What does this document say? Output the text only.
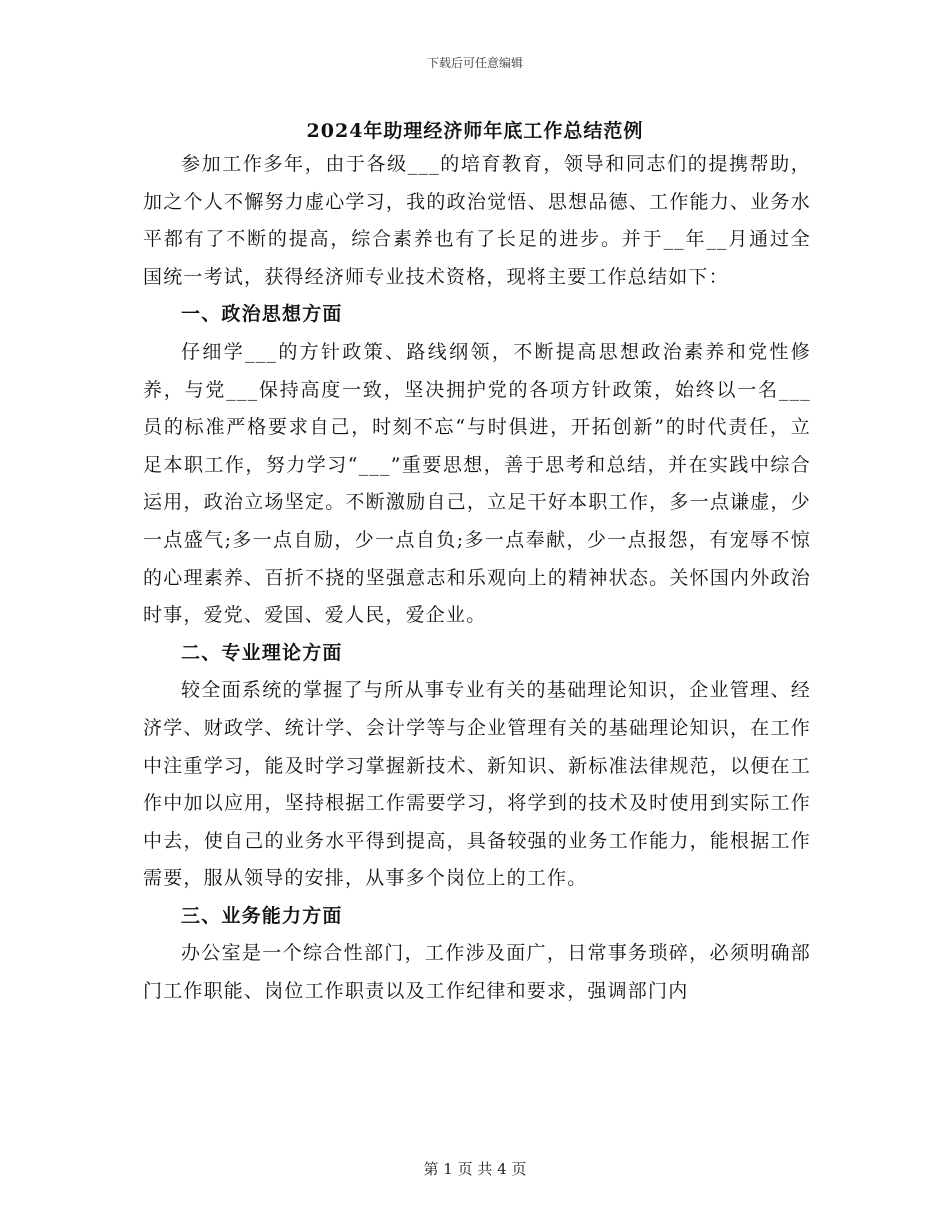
下载后可任意编辑
2024年助理经济师年底工作总结范例

参加工作多年，由于各级___的培育教育，领导和同志们的提携帮助，加之个人不懈努力虚心学习，我的政治觉悟、思想品德、工作能力、业务水平都有了不断的提高，综合素养也有了长足的进步。并于__年__月通过全国统一考试，获得经济师专业技术资格，现将主要工作总结如下：

一、政治思想方面

仔细学___的方针政策、路线纲领，不断提高思想政治素养和党性修养，与党___保持高度一致，坚决拥护党的各项方针政策，始终以一名___员的标准严格要求自己，时刻不忘“与时俱进，开拓创新”的时代责任，立足本职工作，努力学习“___”重要思想，善于思考和总结，并在实践中综合运用，政治立场坚定。不断激励自己，立足干好本职工作，多一点谦虚，少一点盛气;多一点自励，少一点自负;多一点奉献，少一点报怨，有宠辱不惊的心理素养、百折不挠的坚强意志和乐观向上的精神状态。关怀国内外政治时事，爱党、爱国、爱人民，爱企业。

二、专业理论方面

较全面系统的掌握了与所从事专业有关的基础理论知识，企业管理、经济学、财政学、统计学、会计学等与企业管理有关的基础理论知识，在工作中注重学习，能及时学习掌握新技术、新知识、新标准法律规范，以便在工作中加以应用，坚持根据工作需要学习，将学到的技术及时使用到实际工作中去，使自己的业务水平得到提高，具备较强的业务工作能力，能根据工作需要，服从领导的安排，从事多个岗位上的工作。

三、业务能力方面

办公室是一个综合性部门，工作涉及面广，日常事务琐碎，必须明确部门工作职能、岗位工作职责以及工作纪律和要求，强调部门内

第 1 页 共 4 页
